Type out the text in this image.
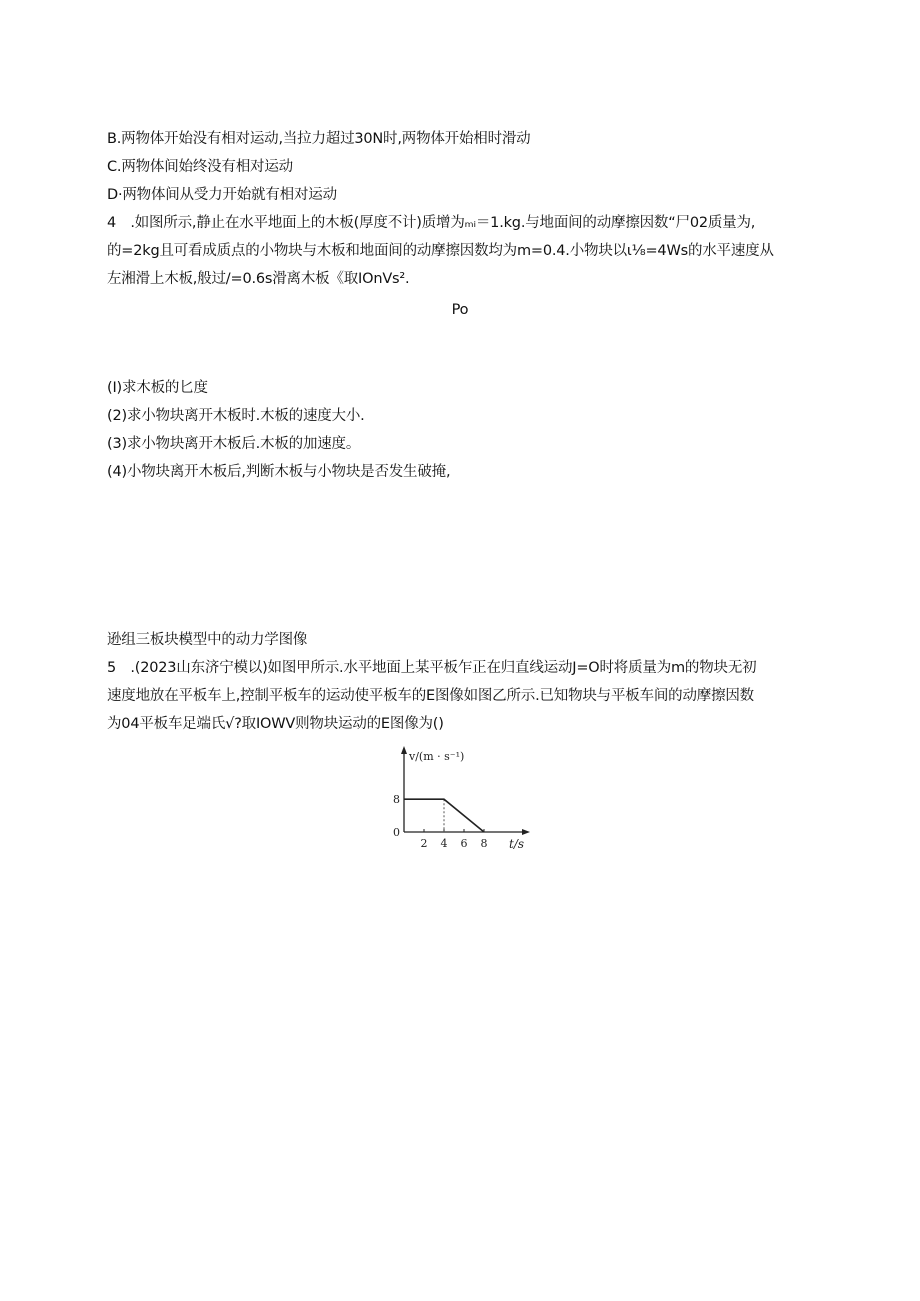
B.两物体开始没有相对运动,当拉力超过30N时,两物体开始相时滑动
C.两物体间始终没有相对运动
D·两物体间从受力开始就有相对运动
4　.如图所示,静止在水平地面上的木板(厚度不计)质增为ₘᵢ＝1.kg.与地面间的动摩擦因数“尸02质量为,
的=2kg且可看成质点的小物块与木板和地面间的动摩擦因数均为m=0.4.小物块以ι⅛=4Ws的水平速度从
左湘滑上木板,般过/=0.6s滑离木板《取IOnVs².
Po
(I)求木板的匕度
(2)求小物块离开木板时.木板的速度大小.
(3)求小物块离开木板后.木板的加速度。
(4)小物块离开木板后,判断木板与小物块是否发生破掩,
逊组三板块模型中的动力学图像
5　.(2023山东济宁模以)如图甲所示.水平地面上某平板乍正在归直线运动J=O时将质量为m的物块无初
速度地放在平板车上,控制平板车的运动使平板车的E图像如图乙所示.已知物块与平板车间的动摩擦因数
为04平板车足端氏√?取IOWV则物块运动的E图像为()
v/(m · s⁻¹)
t/s
0
2 4 6 8
8
